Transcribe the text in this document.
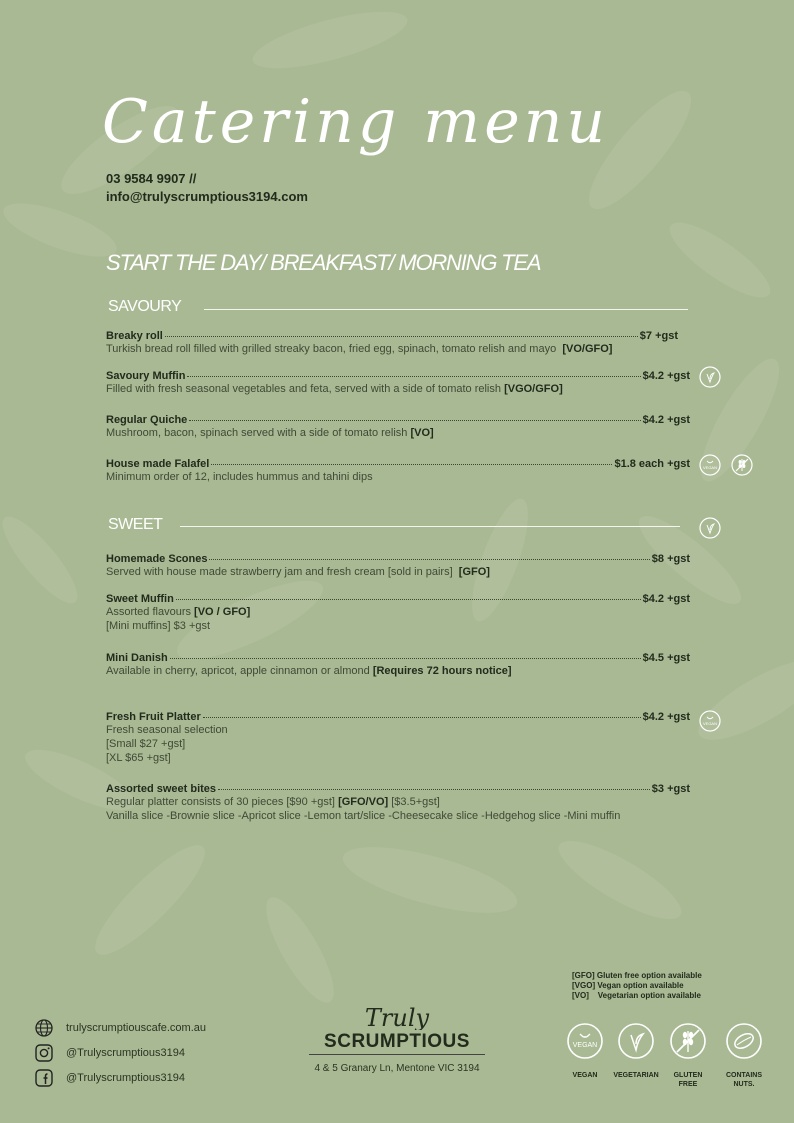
Catering menu
03 9584 9907 //
info@trulyscrumptious3194.com
START THE DAY/ BREAKFAST/ MORNING TEA
SAVOURY
Breaky roll	$7 +gst
Turkish bread roll filled with grilled streaky bacon, fried egg, spinach, tomato relish and mayo [VO/GFO]
Savoury Muffin	$4.2 +gst
Filled with fresh seasonal vegetables and feta, served with a side of tomato relish [VGO/GFO]
Regular Quiche	$4.2 +gst
Mushroom, bacon, spinach served with a side of tomato relish [VO]
House made Falafel	$1.8 each +gst
Minimum order of 12, includes hummus and tahini dips
VEGAN
SWEET
Homemade Scones	$8 +gst
Served with house made strawberry jam and fresh cream [sold in pairs] [GFO]
Sweet Muffin	$4.2 +gst
Assorted flavours [VO / GFO]
[Mini muffins] $3 +gst
Mini Danish	$4.5 +gst
Available in cherry, apricot, apple cinnamon or almond [Requires 72 hours notice]
Fresh Fruit Platter	$4.2 +gst
Fresh seasonal selection
[Small $27 +gst]
[XL $65 +gst]
VEGAN
Assorted sweet bites	$3 +gst
Regular platter consists of 30 pieces [$90 +gst] [GFO/VO] [$3.5+gst]
Vanilla slice -Brownie slice -Apricot slice -Lemon tart/slice -Cheesecake slice -Hedgehog slice -Mini muffin
trulyscrumptiouscafe.com.au
@Trulyscrumptious3194
@Trulyscrumptious3194
Truly
SCRUMPTIOUS
4 & 5 Granary Ln, Mentone VIC 3194
[GFO] Gluten free option available
[VGO] Vegan option available
[VO]    Vegetarian option available
VEGAN
VEGAN	VEGETARIAN	GLUTEN FREE
CONTAINS NUTS.
